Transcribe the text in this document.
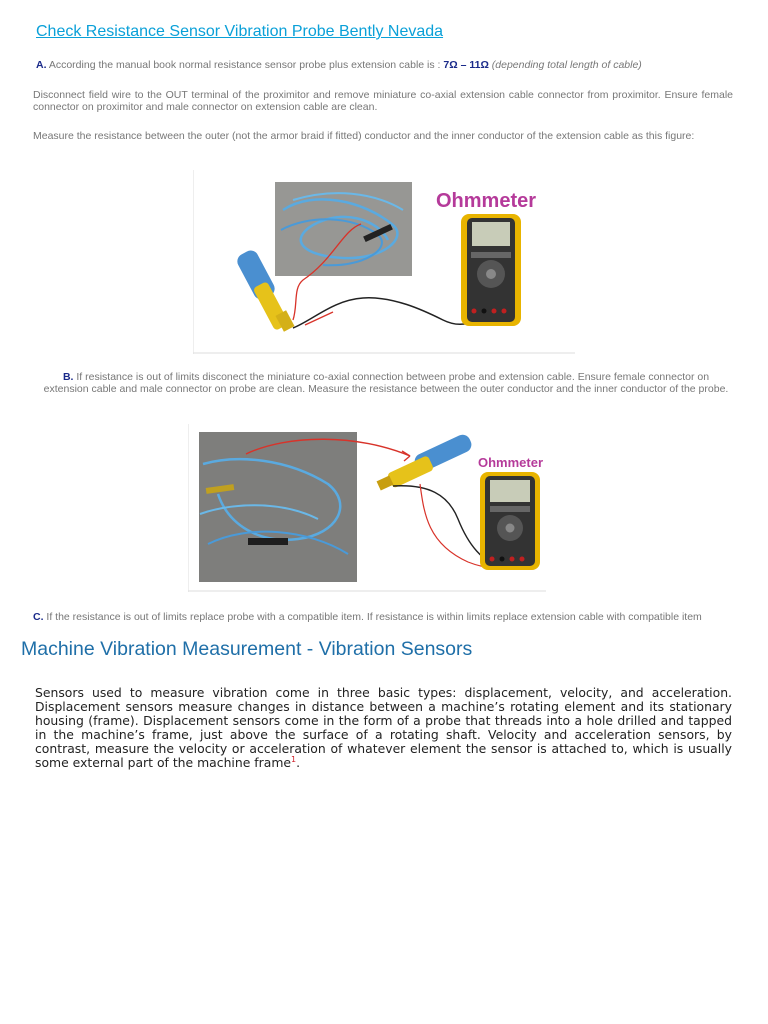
Check Resistance Sensor Vibration Probe Bently Nevada
A. According the manual book normal resistance sensor probe plus extension cable is : 7Ω – 11Ω (depending total length of cable)
Disconnect field wire to the OUT terminal of the proximitor and remove miniature co-axial extension cable connector from proximitor. Ensure female connector on proximitor and male connector on extension cable are clean.
Measure the resistance between the outer (not the armor braid if fitted) conductor and the inner conductor of the extension cable as this figure:
Ohmmeter
B. If resistance is out of limits disconect the miniature co-axial connection between probe and extension cable. Ensure female connector on extension cable and male connector on probe are clean. Measure the resistance between the outer conductor and the inner conductor of the probe.
Ohmmeter
C. If the resistance is out of limits replace probe with a compatible item. If resistance is within limits replace extension cable with compatible item
Machine Vibration Measurement - Vibration Sensors
Sensors used to measure vibration come in three basic types: displacement, velocity, and acceleration. Displacement sensors measure changes in distance between a machine’s rotating element and its stationary housing (frame). Displacement sensors come in the form of a probe that threads into a hole drilled and tapped in the machine’s frame, just above the surface of a rotating shaft. Velocity and acceleration sensors, by contrast, measure the velocity or acceleration of whatever element the sensor is attached to, which is usually some external part of the machine frame$^1$.
